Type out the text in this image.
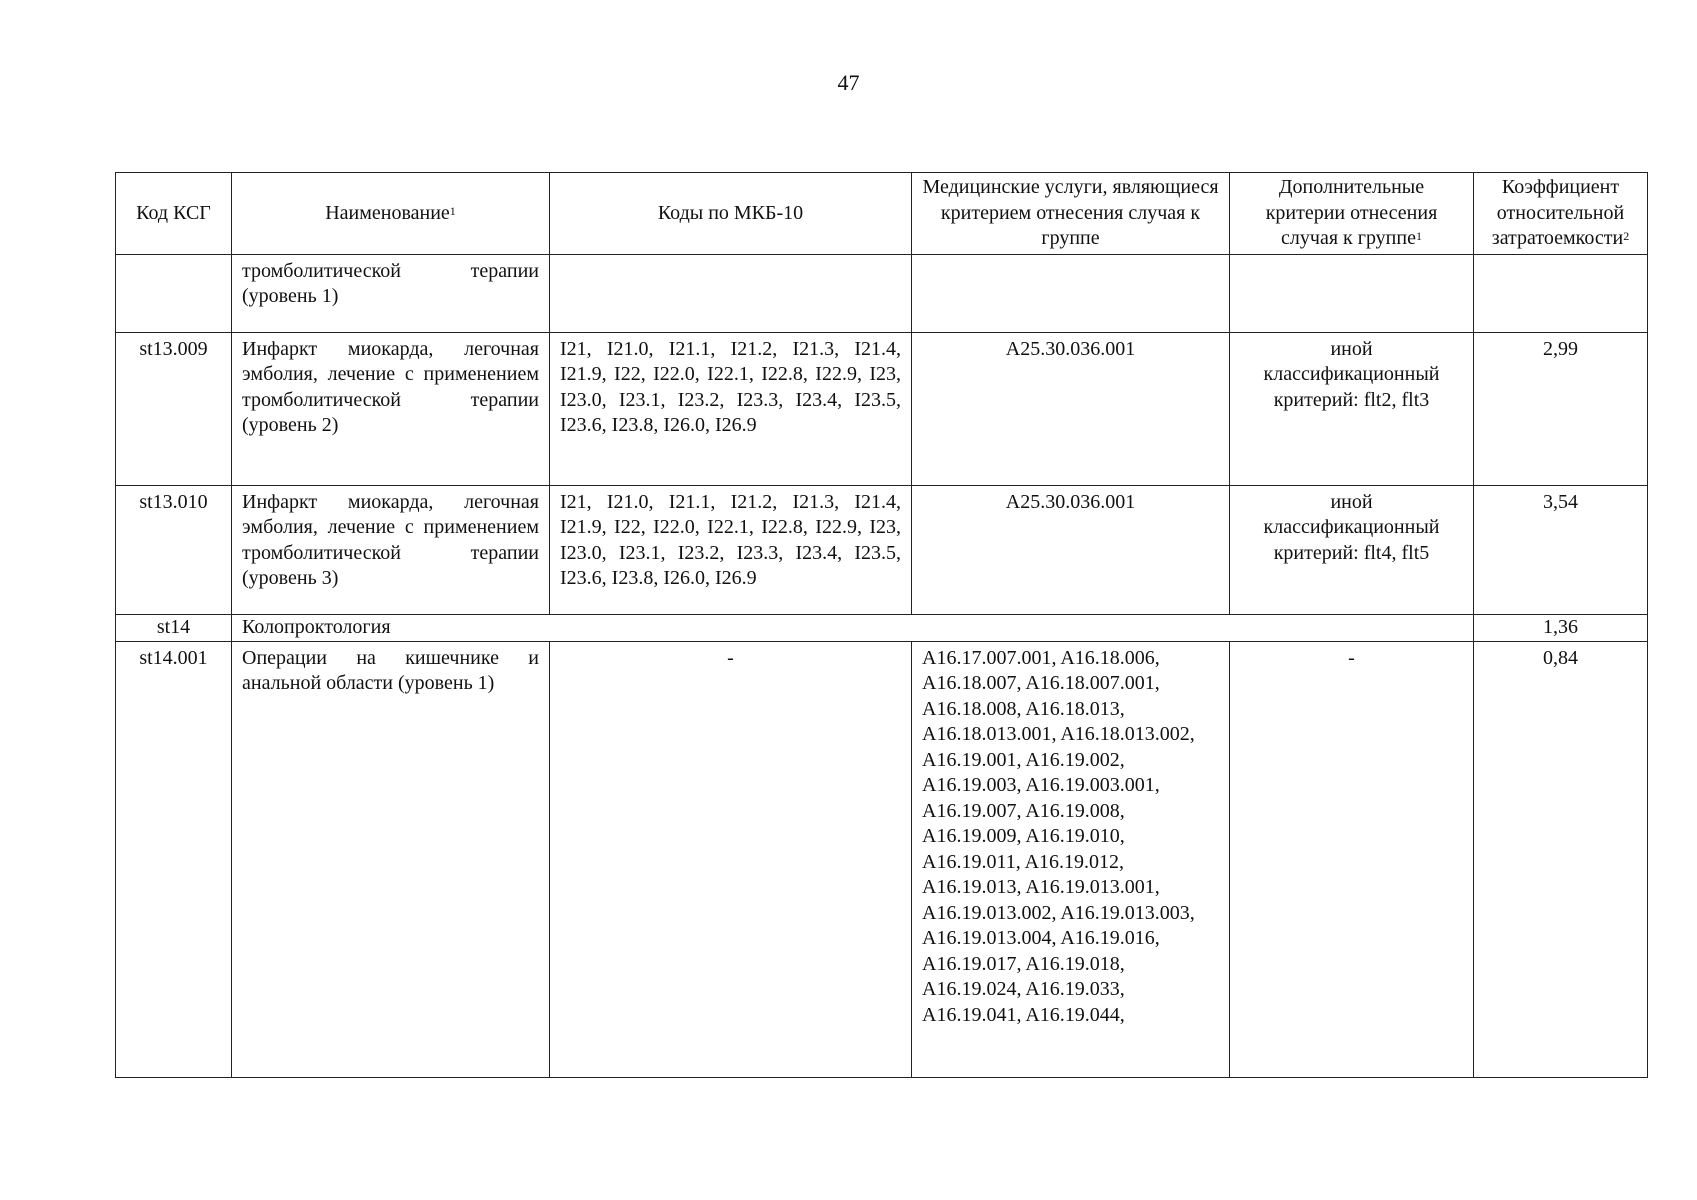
47
Код КСГ	Наименование$^1$	Коды по МКБ-10	Медицинские услуги, являющиеся критерием отнесения случая к группе	Дополнительные критерии отнесения случая к группе$^1$	Коэффициент относительной затратоемкости$^2$
	тромболитической терапии (уровень 1)				
st13.009	Инфаркт миокарда, легочная эмболия, лечение с применением тромболитической терапии (уровень 2)	I21, I21.0, I21.1, I21.2, I21.3, I21.4, I21.9, I22, I22.0, I22.1, I22.8, I22.9, I23, I23.0, I23.1, I23.2, I23.3, I23.4, I23.5, I23.6, I23.8, I26.0, I26.9	A25.30.036.001	иной классификационный критерий: flt2, flt3	2,99
st13.010	Инфаркт миокарда, легочная эмболия, лечение с применением тромболитической терапии (уровень 3)	I21, I21.0, I21.1, I21.2, I21.3, I21.4, I21.9, I22, I22.0, I22.1, I22.8, I22.9, I23, I23.0, I23.1, I23.2, I23.3, I23.4, I23.5, I23.6, I23.8, I26.0, I26.9	A25.30.036.001	иной классификационный критерий: flt4, flt5	3,54
st14	Колопроктология				1,36
st14.001	Операции на кишечнике и анальной области (уровень 1)	-	A16.17.007.001, A16.18.006, A16.18.007, A16.18.007.001, A16.18.008, A16.18.013, A16.18.013.001, A16.18.013.002, A16.19.001, A16.19.002, A16.19.003, A16.19.003.001, A16.19.007, A16.19.008, A16.19.009, A16.19.010, A16.19.011, A16.19.012, A16.19.013, A16.19.013.001, A16.19.013.002, A16.19.013.003, A16.19.013.004, A16.19.016, A16.19.017, A16.19.018, A16.19.024, A16.19.033, A16.19.041, A16.19.044,	-	0,84
